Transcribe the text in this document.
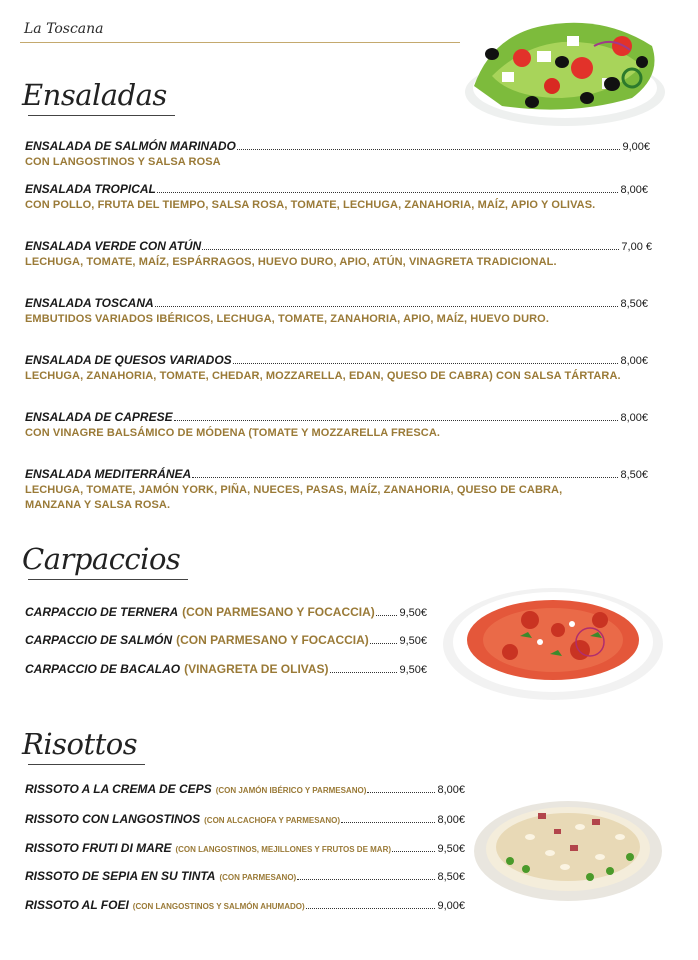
La Toscana
Ensaladas
ENSALADA DE SALMÓN MARINADO	9,00€
CON LANGOSTINOS Y SALSA ROSA
ENSALADA TROPICAL	8,00€
CON POLLO, FRUTA DEL TIEMPO, SALSA ROSA, TOMATE, LECHUGA, ZANAHORIA, MAÍZ, APIO Y OLIVAS.
ENSALADA VERDE CON ATÚN	7,00 €
LECHUGA, TOMATE, MAÍZ, ESPÁRRAGOS, HUEVO DURO, APIO, ATÚN, VINAGRETA TRADICIONAL.
ENSALADA TOSCANA	8,50€
EMBUTIDOS VARIADOS IBÉRICOS, LECHUGA, TOMATE, ZANAHORIA, APIO, MAÍZ, HUEVO DURO.
ENSALADA DE QUESOS VARIADOS	8,00€
LECHUGA, ZANAHORIA, TOMATE, CHEDAR, MOZZARELLA, EDAN, QUESO DE CABRA) CON SALSA TÁRTARA.
ENSALADA DE CAPRESE	8,00€
CON VINAGRE BALSÁMICO DE MÓDENA (TOMATE Y MOZZARELLA FRESCA.
ENSALADA MEDITERRÁNEA	8,50€
LECHUGA, TOMATE, JAMÓN YORK, PIÑA, NUECES, PASAS, MAÍZ, ZANAHORIA, QUESO DE CABRA, MANZANA Y SALSA ROSA.
Carpaccios
CARPACCIO DE TERNERA (CON PARMESANO Y FOCACCIA) 9,50€
CARPACCIO DE SALMÓN (CON PARMESANO Y FOCACCIA)	9,50€
CARPACCIO DE BACALAO (VINAGRETA DE OLIVAS)	9,50€
Risottos
RISSOTO A LA CREMA DE CEPS (CON JAMÓN IBÉRICO Y PARMESANO)	8,00€
RISSOTO CON LANGOSTINOS (CON ALCACHOFA Y PARMESANO)	8,00€
RISSOTO FRUTI DI MARE (CON LANGOSTINOS, MEJILLONES Y FRUTOS DE MAR)	9,50€
RISSOTO DE SEPIA EN SU TINTA (CON PARMESANO)	8,50€
RISSOTO AL FOEI (CON LANGOSTINOS Y SALMÓN AHUMADO)	9,00€
